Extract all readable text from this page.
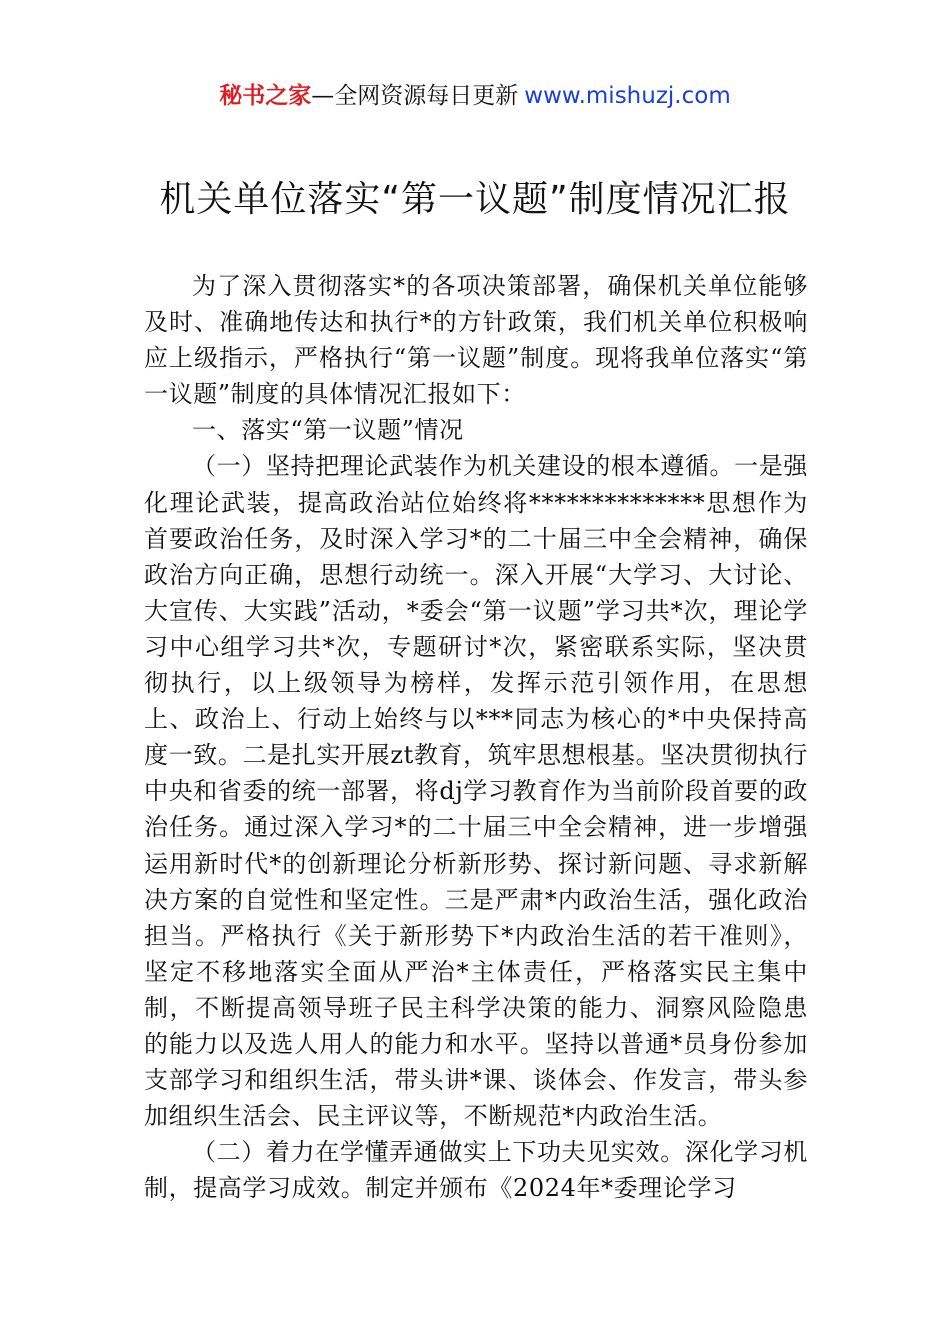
秘书之家—全网资源每日更新 www.mishuzj.com
机关单位落实“第一议题”制度情况汇报

为了深入贯彻落实*的各项决策部署，确保机关单位能够及时、准确地传达和执行*的方针政策，我们机关单位积极响应上级指示，严格执行“第一议题”制度。现将我单位落实“第一议题”制度的具体情况汇报如下：

一、落实“第一议题”情况

（一）坚持把理论武装作为机关建设的根本遵循。一是强化理论武装，提高政治站位始终将**************思想作为首要政治任务，及时深入学习*的二十届三中全会精神，确保政治方向正确，思想行动统一。深入开展“大学习、大讨论、大宣传、大实践”活动，*委会“第一议题”学习共*次，理论学习中心组学习共*次，专题研讨*次，紧密联系实际，坚决贯彻执行，以上级领导为榜样，发挥示范引领作用，在思想上、政治上、行动上始终与以***同志为核心的*中央保持高度一致。二是扎实开展zt教育，筑牢思想根基。坚决贯彻执行中央和省委的统一部署，将dj学习教育作为当前阶段首要的政治任务。通过深入学习*的二十届三中全会精神，进一步增强运用新时代*的创新理论分析新形势、探讨新问题、寻求新解决方案的自觉性和坚定性。三是严肃*内政治生活，强化政治担当。严格执行《关于新形势下*内政治生活的若干准则》，坚定不移地落实全面从严治*主体责任，严格落实民主集中制，不断提高领导班子民主科学决策的能力、洞察风险隐患的能力以及选人用人的能力和水平。坚持以普通*员身份参加支部学习和组织生活，带头讲*课、谈体会、作发言，带头参加组织生活会、民主评议等，不断规范*内政治生活。

（二）着力在学懂弄通做实上下功夫见实效。深化学习机制，提高学习成效。制定并颁布《2024年*委理论学习
